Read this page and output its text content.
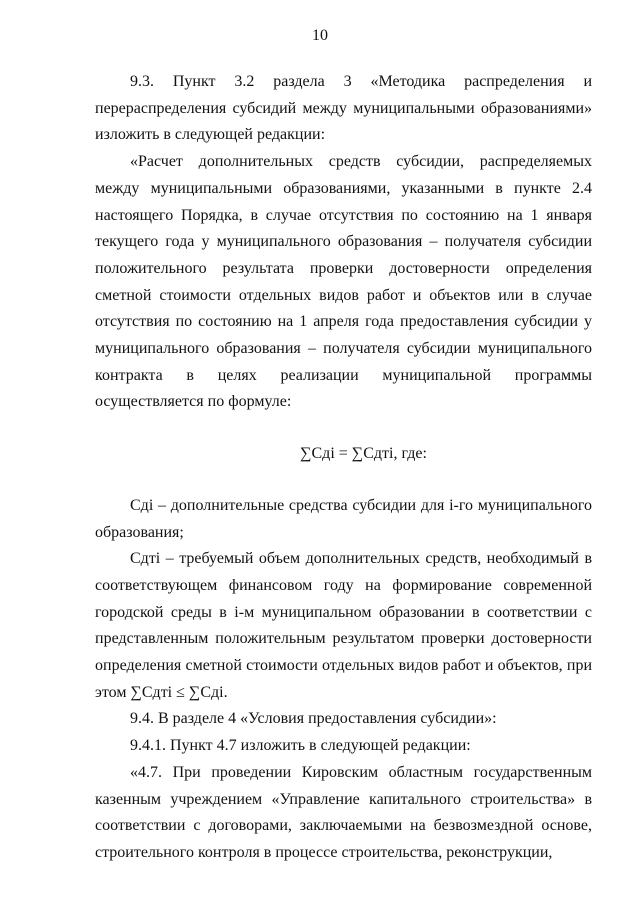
10

9.3. Пункт 3.2 раздела 3 «Методика распределения и перераспределения субсидий между муниципальными образованиями» изложить в следующей редакции:

«Расчет дополнительных средств субсидии, распределяемых между муниципальными образованиями, указанными в пункте 2.4 настоящего Порядка, в случае отсутствия по состоянию на 1 января текущего года у муниципального образования – получателя субсидии положительного результата проверки достоверности определения сметной стоимости отдельных видов работ и объектов или в случае отсутствия по состоянию на 1 апреля года предоставления субсидии у муниципального образования – получателя субсидии муниципального контракта в целях реализации муниципальной программы осуществляется по формуле:

∑Сдi = ∑Сдтi, где:

Сдi – дополнительные средства субсидии для i-го муниципального образования;

Сдтi – требуемый объем дополнительных средств, необходимый в соответствующем финансовом году на формирование современной городской среды в i-м муниципальном образовании в соответствии с представленным положительным результатом проверки достоверности определения сметной стоимости отдельных видов работ и объектов, при этом ∑Сдтi ≤ ∑Сдi.

9.4. В разделе 4 «Условия предоставления субсидии»:

9.4.1. Пункт 4.7 изложить в следующей редакции:

«4.7. При проведении Кировским областным государственным казенным учреждением «Управление капитального строительства» в соответствии с договорами, заключаемыми на безвозмездной основе, строительного контроля в процессе строительства, реконструкции,
